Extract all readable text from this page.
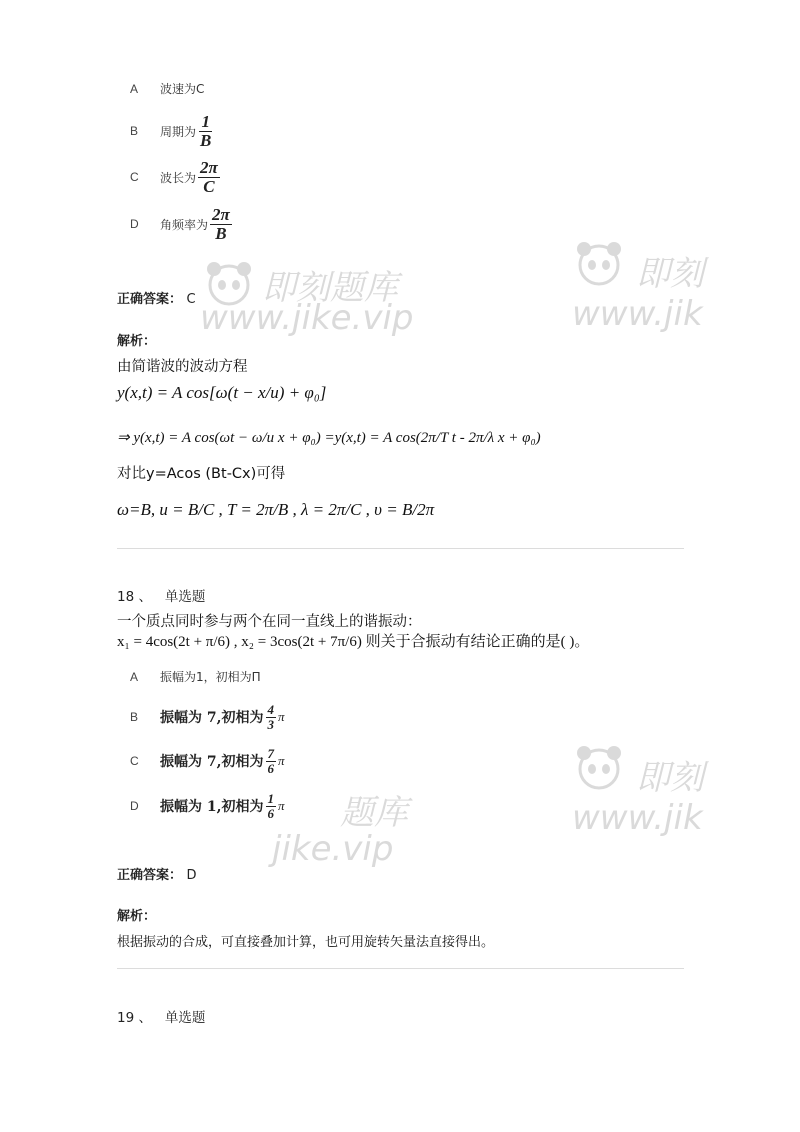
A	波速为C
B	周期为 $\frac{1}{B}$
C	波长为 $\frac{2\pi}{C}$
D	角频率为 $\frac{2\pi}{B}$
正确答案： C
解析：
由简谐波的波动方程
y(x,t) = A cos[ω(t − x/u) + φ₀]
⇒ y(x,t) = A cos(ωt − ω/u x + φ₀) =y(x,t) = A cos(2π/T t - 2π/λ x + φ₀)
对比y=Acos (Bt-Cx)可得
ω=B, u = B/C , T = 2π/B , λ = 2π/C , υ = B/2π
18 、 单选题
一个质点同时参与两个在同一直线上的谐振动：
x₁ = 4cos(2t + π/6) , x₂ = 3cos(2t + 7π/6) 则关于合振动有结论正确的是( )。
A	振幅为1，初相为Π
B	振幅为 7,初相为 $\frac{4}{3}$ π
C	振幅为 7,初相为 $\frac{7}{6}$ π
D	振幅为 1,初相为 $\frac{1}{6}$ π
正确答案： D
解析：
根据振动的合成，可直接叠加计算，也可用旋转矢量法直接得出。
19 、 单选题
即刻题库
www.jike.vip
即刻
www.jik
即刻
www.jik
题库
jike.vip
